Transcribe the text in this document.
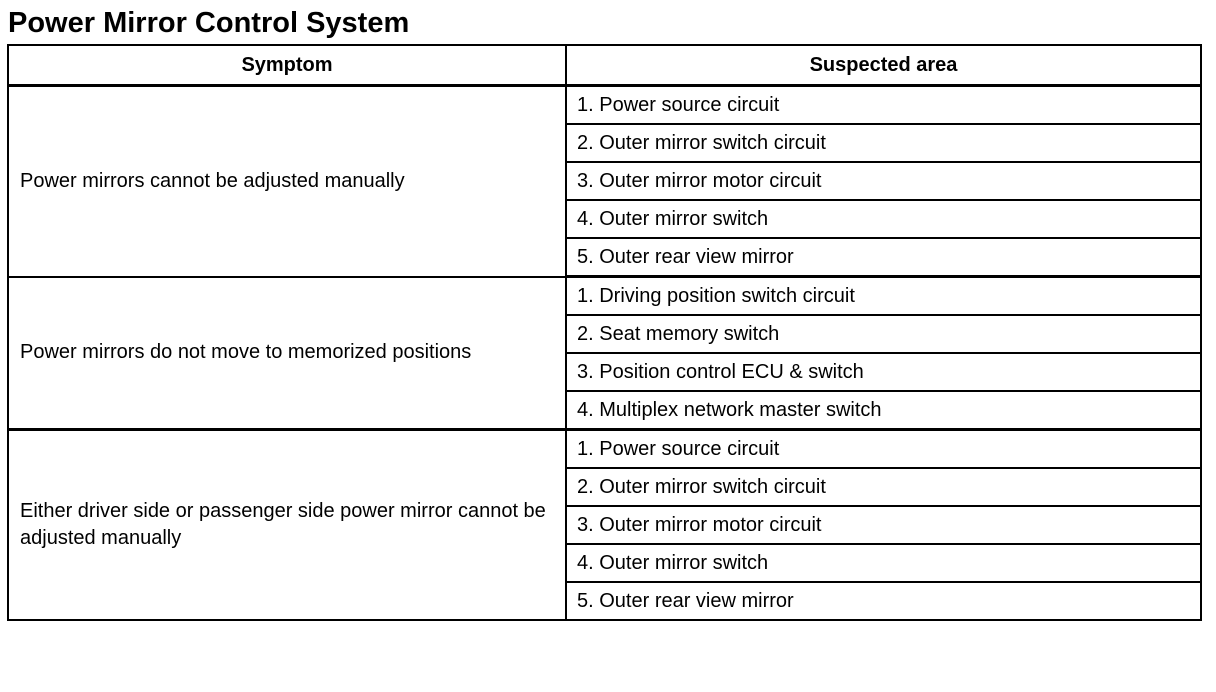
Power Mirror Control System
Symptom	Suspected area
Power mirrors cannot be adjusted manually	1. Power source circuit
	2. Outer mirror switch circuit
	3. Outer mirror motor circuit
	4. Outer mirror switch
	5. Outer rear view mirror
Power mirrors do not move to memorized positions	1. Driving position switch circuit
	2. Seat memory switch
	3. Position control ECU & switch
	4. Multiplex network master switch
Either driver side or passenger side power mirror cannot be adjusted manually	1. Power source circuit
	2. Outer mirror switch circuit
	3. Outer mirror motor circuit
	4. Outer mirror switch
	5. Outer rear view mirror
